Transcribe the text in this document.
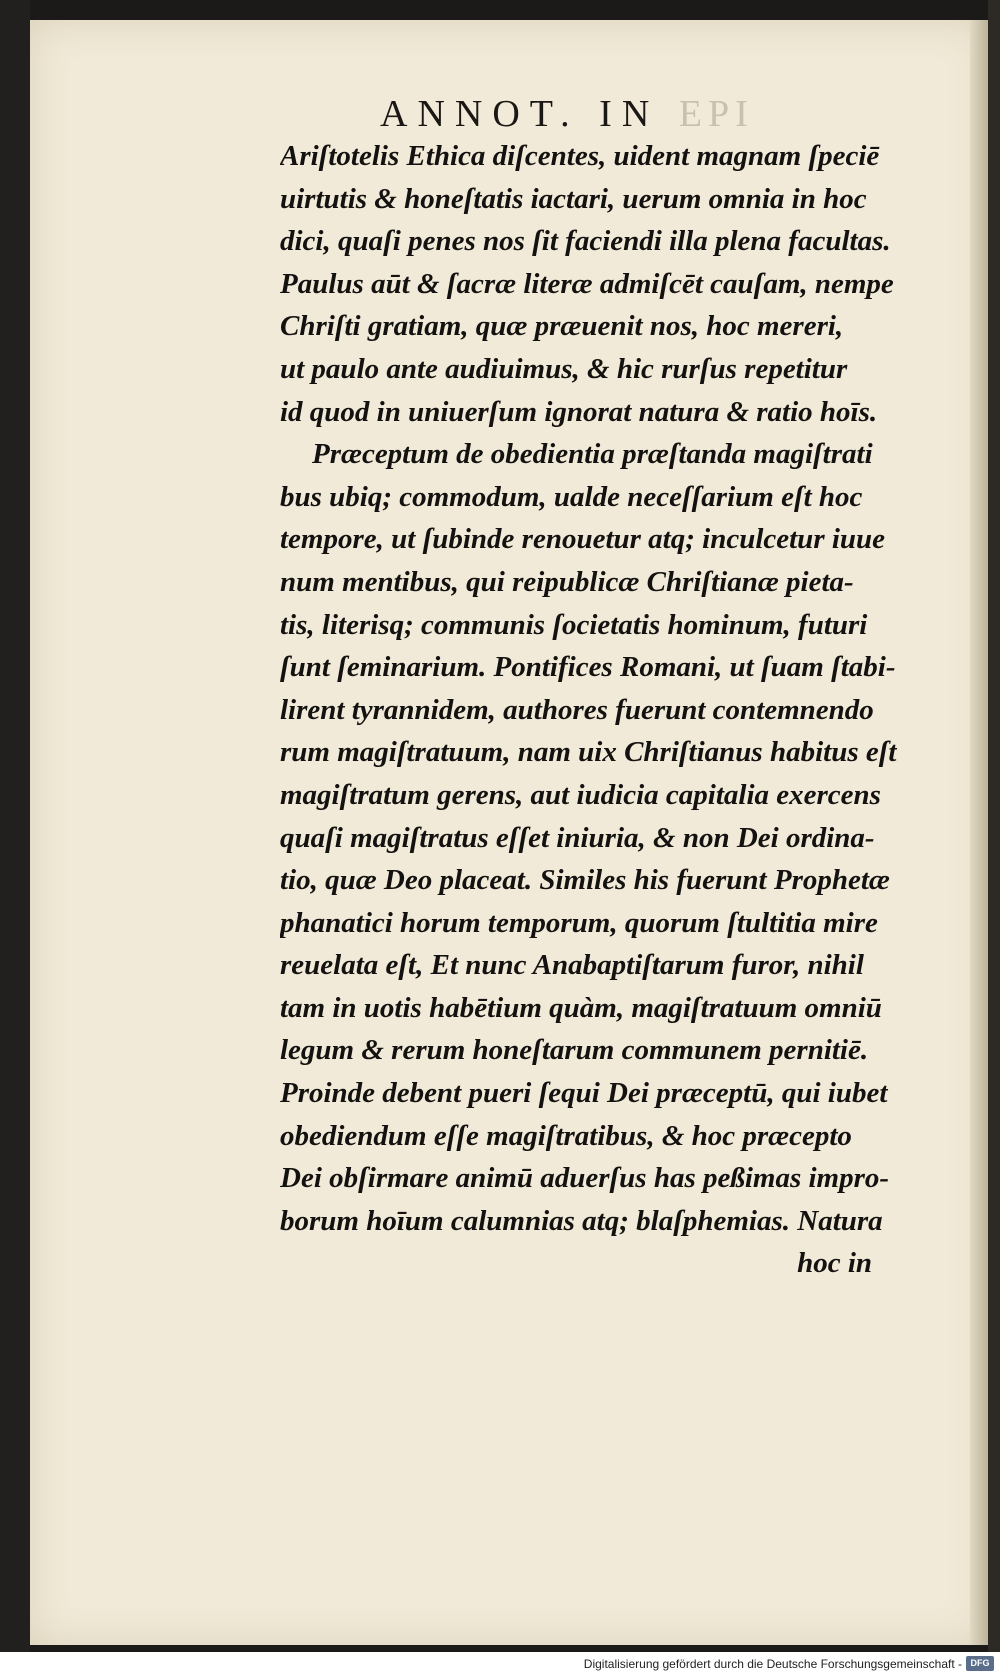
ANNOT. IN EPI
Ariſtotelis Ethica diſcentes, uident magnam ſpeciē
uirtutis & honeſtatis iactari, uerum omnia in hoc
dici, quaſi penes nos ſit faciendi illa plena facultas.
Paulus aūt & ſacræ literæ admiſcēt cauſam, nempe
Chriſti gratiam, quæ præuenit nos, hoc mereri,
ut paulo ante audiuimus, & hic rurſus repetitur
id quod in uniuerſum ignorat natura & ratio hoīs.
Præceptum de obedientia præſtanda magiſtrati
bus ubiq; commodum, ualde neceſſarium eſt hoc
tempore, ut ſubinde renouetur atq; inculcetur iuue
num mentibus, qui reipublicæ Chriſtianæ pieta-
tis, literisq; communis ſocietatis hominum, futuri
ſunt ſeminarium. Pontifices Romani, ut ſuam ſtabi-
lirent tyrannidem, authores fuerunt contemnendo
rum magiſtratuum, nam uix Chriſtianus habitus eſt
magiſtratum gerens, aut iudicia capitalia exercens
quaſi magiſtratus eſſet iniuria, & non Dei ordina-
tio, quæ Deo placeat. Similes his fuerunt Prophetæ
phanatici horum temporum, quorum ſtultitia mire
reuelata eſt, Et nunc Anabaptiſtarum furor, nihil
tam in uotis habētium quàm, magiſtratuum omniū
legum & rerum honeſtarum communem pernitiē.
Proinde debent pueri ſequi Dei præceptū, qui iubet
obediendum eſſe magiſtratibus, & hoc præcepto
Dei obſirmare animū aduerſus has peßimas impro-
borum hoīum calumnias atq; blaſphemias. Natura
hoc in
Digitalisierung gefördert durch die Deutsche Forschungsgemeinschaft - DFG
